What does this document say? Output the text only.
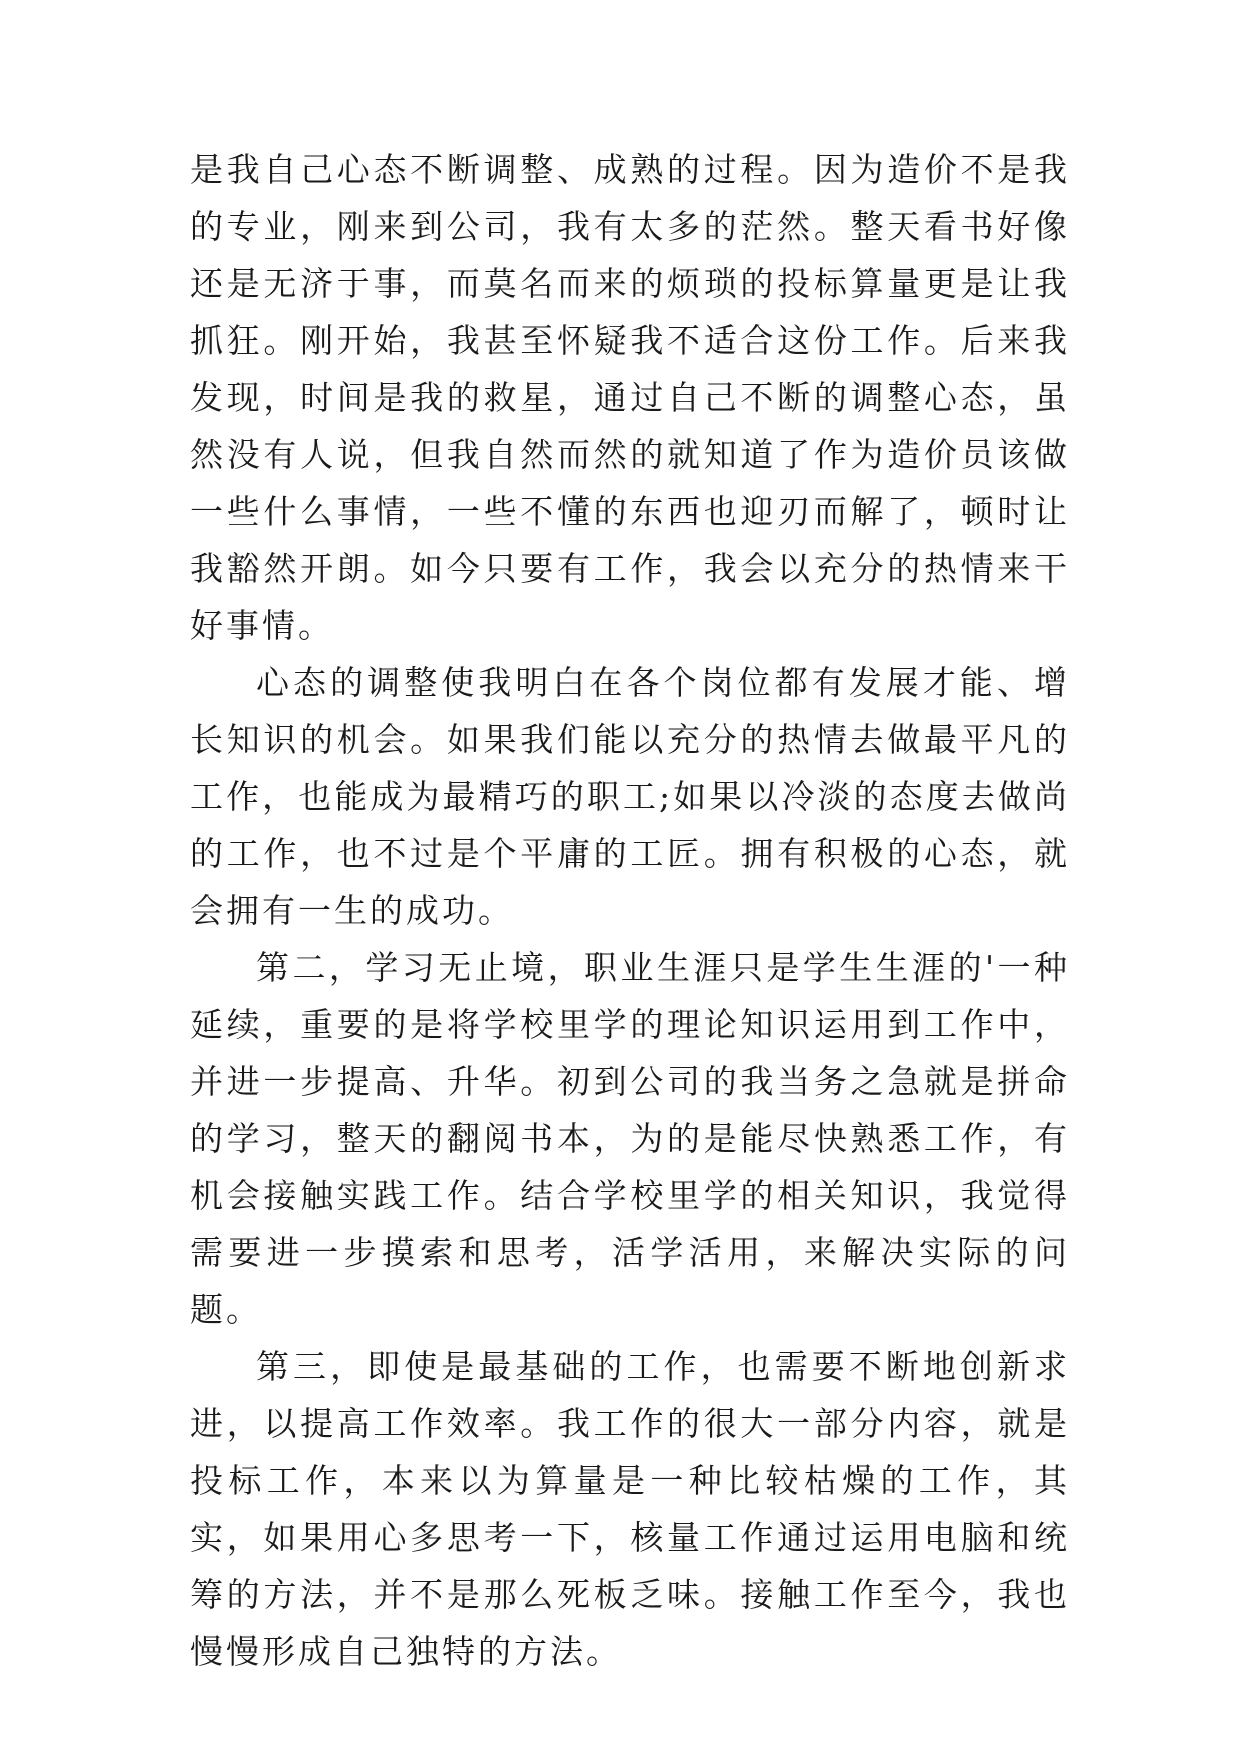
是我自己心态不断调整、成熟的过程。因为造价不是我的专业，刚来到公司，我有太多的茫然。整天看书好像还是无济于事，而莫名而来的烦琐的投标算量更是让我抓狂。刚开始，我甚至怀疑我不适合这份工作。后来我发现，时间是我的救星，通过自己不断的调整心态，虽然没有人说，但我自然而然的就知道了作为造价员该做一些什么事情，一些不懂的东西也迎刃而解了，顿时让我豁然开朗。如今只要有工作，我会以充分的热情来干好事情。

心态的调整使我明白在各个岗位都有发展才能、增长知识的机会。如果我们能以充分的热情去做最平凡的工作，也能成为最精巧的职工;如果以冷淡的态度去做尚的工作，也不过是个平庸的工匠。拥有积极的心态，就会拥有一生的成功。

第二，学习无止境，职业生涯只是学生生涯的'一种延续，重要的是将学校里学的理论知识运用到工作中，并进一步提高、升华。初到公司的我当务之急就是拼命的学习，整天的翻阅书本，为的是能尽快熟悉工作，有机会接触实践工作。结合学校里学的相关知识，我觉得需要进一步摸索和思考，活学活用，来解决实际的问题。

第三，即使是最基础的工作，也需要不断地创新求进，以提高工作效率。我工作的很大一部分内容，就是投标工作，本来以为算量是一种比较枯燥的工作，其实，如果用心多思考一下，核量工作通过运用电脑和统筹的方法，并不是那么死板乏味。接触工作至今，我也慢慢形成自己独特的方法。
